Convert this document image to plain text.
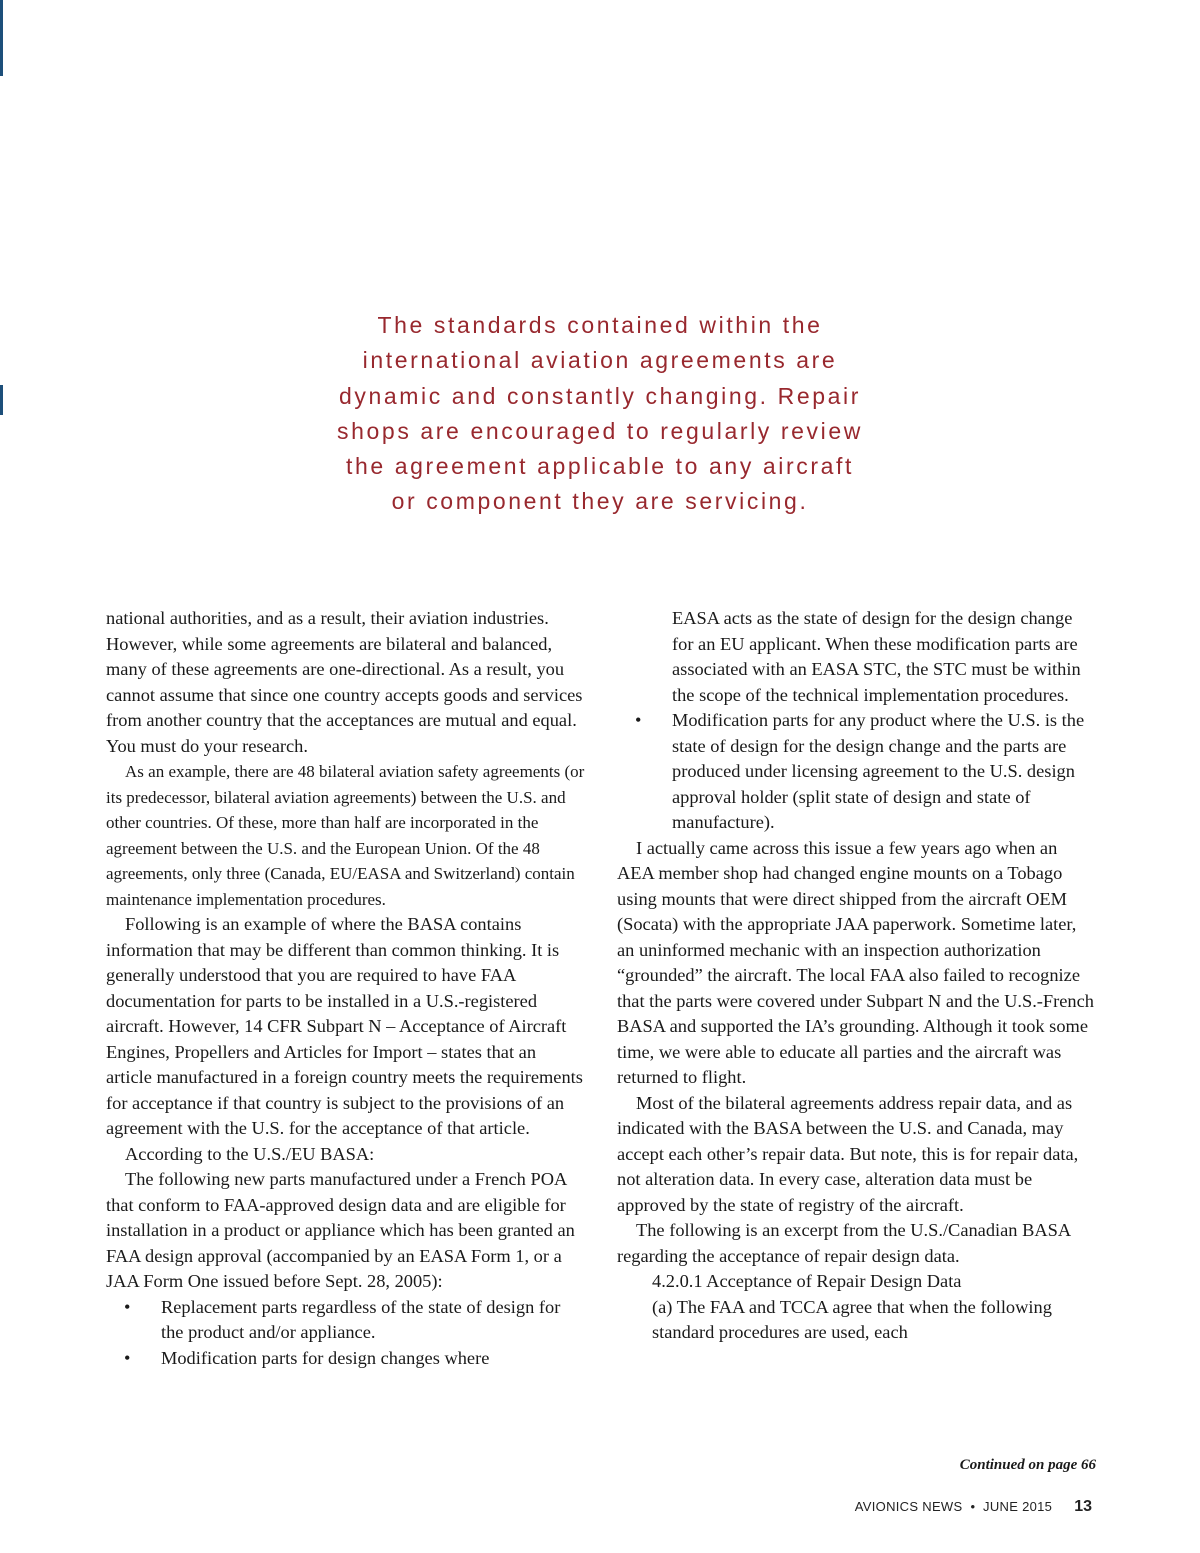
The standards contained within the international aviation agreements are dynamic and constantly changing. Repair shops are encouraged to regularly review the agreement applicable to any aircraft or component they are servicing.

national authorities, and as a result, their aviation industries. However, while some agreements are bilateral and balanced, many of these agreements are one-directional. As a result, you cannot assume that since one country accepts goods and services from another country that the acceptances are mutual and equal. You must do your research.

As an example, there are 48 bilateral aviation safety agreements (or its predecessor, bilateral aviation agreements) between the U.S. and other countries. Of these, more than half are incorporated in the agreement between the U.S. and the European Union. Of the 48 agreements, only three (Canada, EU/EASA and Switzerland) contain maintenance implementation procedures.

Following is an example of where the BASA contains information that may be different than common thinking. It is generally understood that you are required to have FAA documentation for parts to be installed in a U.S.-registered aircraft. However, 14 CFR Subpart N – Acceptance of Aircraft Engines, Propellers and Articles for Import – states that an article manufactured in a foreign country meets the requirements for acceptance if that country is subject to the provisions of an agreement with the U.S. for the acceptance of that article.

According to the U.S./EU BASA:

The following new parts manufactured under a French POA that conform to FAA-approved design data and are eligible for installation in a product or appliance which has been granted an FAA design approval (accompanied by an EASA Form 1, or a JAA Form One issued before Sept. 28, 2005):

• Replacement parts regardless of the state of design for the product and/or appliance.
• Modification parts for design changes where

EASA acts as the state of design for the design change for an EU applicant. When these modification parts are associated with an EASA STC, the STC must be within the scope of the technical implementation procedures.

• Modification parts for any product where the U.S. is the state of design for the design change and the parts are produced under licensing agreement to the U.S. design approval holder (split state of design and state of manufacture).

I actually came across this issue a few years ago when an AEA member shop had changed engine mounts on a Tobago using mounts that were direct shipped from the aircraft OEM (Socata) with the appropriate JAA paperwork. Sometime later, an uninformed mechanic with an inspection authorization “grounded” the aircraft. The local FAA also failed to recognize that the parts were covered under Subpart N and the U.S.-French BASA and supported the IA’s grounding. Although it took some time, we were able to educate all parties and the aircraft was returned to flight.

Most of the bilateral agreements address repair data, and as indicated with the BASA between the U.S. and Canada, may accept each other’s repair data. But note, this is for repair data, not alteration data. In every case, alteration data must be approved by the state of registry of the aircraft.

The following is an excerpt from the U.S./Canadian BASA regarding the acceptance of repair design data.

4.2.0.1 Acceptance of Repair Design Data

(a) The FAA and TCCA agree that when the following standard procedures are used, each

Continued on page 66
AVIONICS NEWS • JUNE 2015 13
